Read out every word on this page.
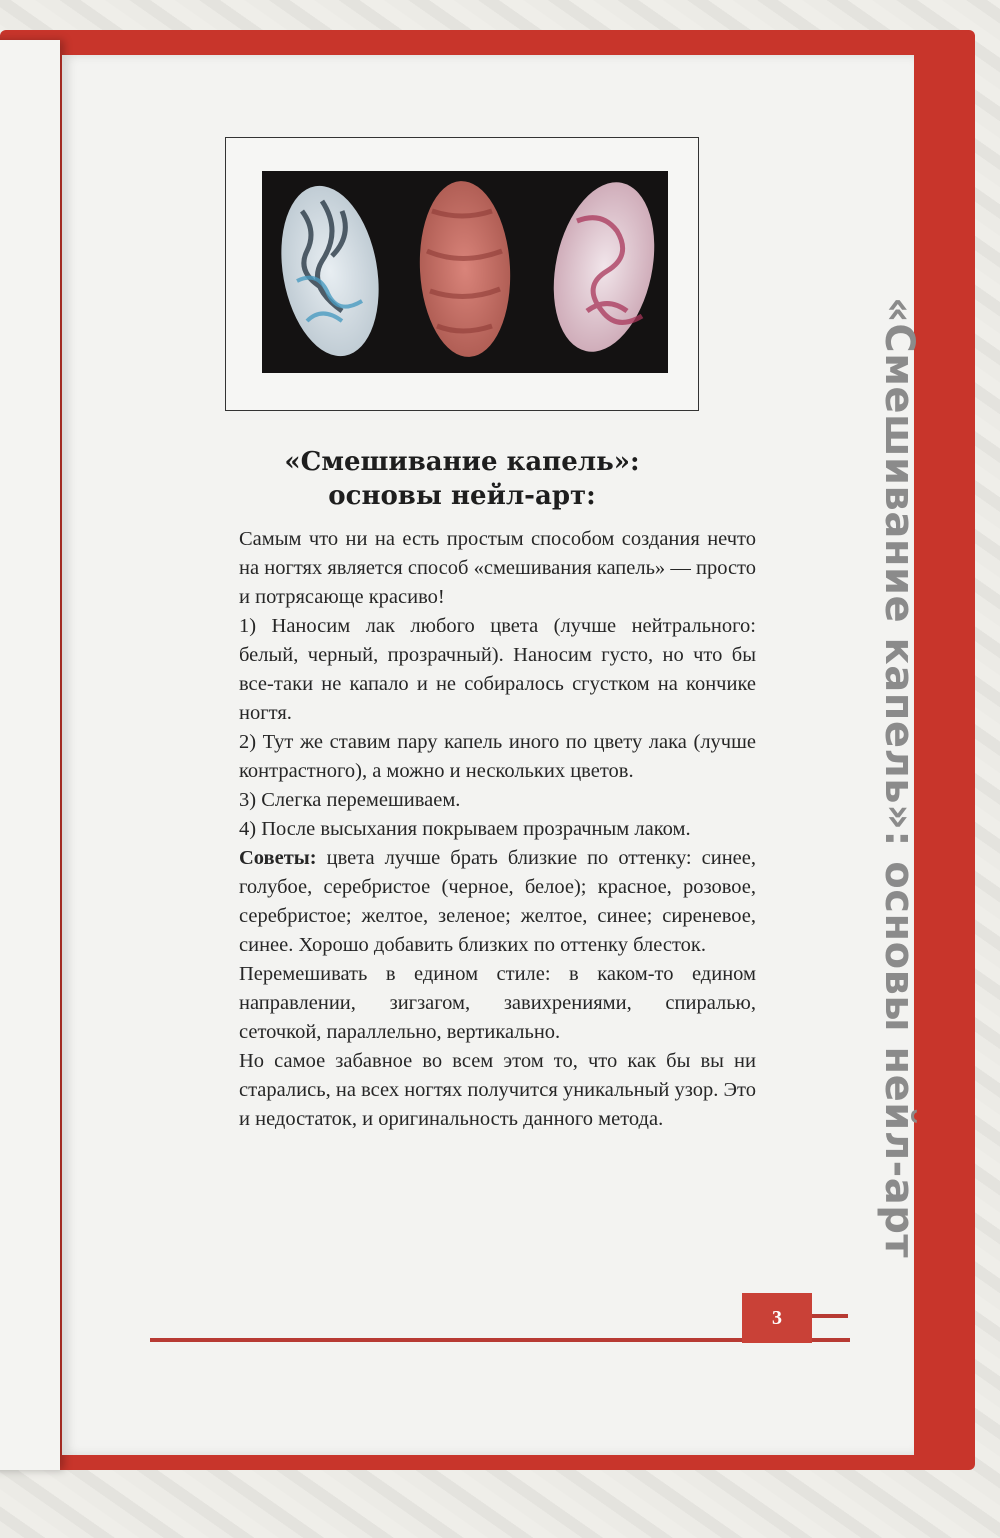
«Смешивание капель»:
основы нейл-арт:

Самым что ни на есть простым способом создания нечто на ногтях является способ «смешивания капель» — просто и потрясающе красиво!

1) Наносим лак любого цвета (лучше нейтрального: белый, черный, прозрачный). Наносим густо, но что бы все-таки не капало и не собиралось сгустком на кончике ногтя.

2) Тут же ставим пару капель иного по цвету лака (лучше контрастного), а можно и нескольких цветов.

3) Слегка перемешиваем.

4) После высыхания покрываем прозрачным лаком.

Советы: цвета лучше брать близкие по оттенку: синее, голубое, серебристое (черное, белое); красное, розовое, серебристое; желтое, зеленое; желтое, синее; сиреневое, синее. Хорошо добавить близких по оттенку блесток.

Перемешивать в едином стиле: в каком-то едином направлении, зигзагом, завихрениями, спиралью, сеточкой, параллельно, вертикально.

Но самое забавное во всем этом то, что как бы вы ни старались, на всех ногтях получится уникальный узор. Это и недостаток, и оригинальность данного метода.	«Смешивание капель»: основы нейл-арт
3
